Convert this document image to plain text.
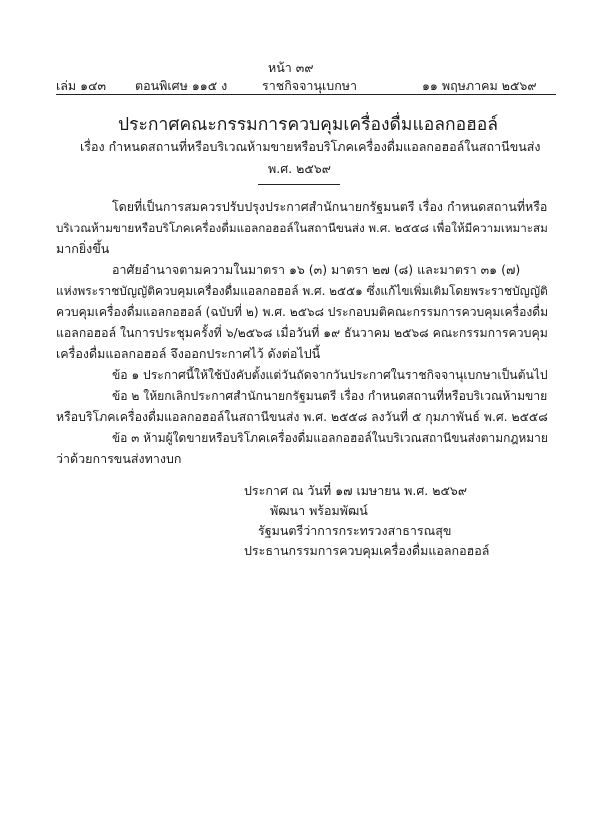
หน้า ๓๙
เล่ม ๑๔๓ ตอนพิเศษ ๑๑๕ ง	ราชกิจจานุเบกษา	๑๑ พฤษภาคม ๒๕๖๙
ประกาศคณะกรรมการควบคุมเครื่องดื่มแอลกอฮอล์
เรื่อง กำหนดสถานที่หรือบริเวณห้ามขายหรือบริโภคเครื่องดื่มแอลกอฮอล์ในสถานีขนส่ง
พ.ศ. ๒๕๖๙
โดยที่เป็นการสมควรปรับปรุงประกาศสำนักนายกรัฐมนตรี เรื่อง กำหนดสถานที่หรือ
บริเวณห้ามขายหรือบริโภคเครื่องดื่มแอลกอฮอล์ในสถานีขนส่ง พ.ศ. ๒๕๕๘ เพื่อให้มีความเหมาะสม
มากยิ่งขึ้น
อาศัยอำนาจตามความในมาตรา ๑๖ (๓) มาตรา ๒๗ (๘) และมาตรา ๓๑ (๗)
แห่งพระราชบัญญัติควบคุมเครื่องดื่มแอลกอฮอล์ พ.ศ. ๒๕๕๑ ซึ่งแก้ไขเพิ่มเติมโดยพระราชบัญญัติ
ควบคุมเครื่องดื่มแอลกอฮอล์ (ฉบับที่ ๒) พ.ศ. ๒๕๖๘ ประกอบมติคณะกรรมการควบคุมเครื่องดื่ม
แอลกอฮอล์ ในการประชุมครั้งที่ ๖/๒๕๖๘ เมื่อวันที่ ๑๙ ธันวาคม ๒๕๖๘ คณะกรรมการควบคุม
เครื่องดื่มแอลกอฮอล์ จึงออกประกาศไว้ ดังต่อไปนี้
ข้อ ๑ ประกาศนี้ให้ใช้บังคับตั้งแต่วันถัดจากวันประกาศในราชกิจจานุเบกษาเป็นต้นไป
ข้อ ๒ ให้ยกเลิกประกาศสำนักนายกรัฐมนตรี เรื่อง กำหนดสถานที่หรือบริเวณห้ามขาย
หรือบริโภคเครื่องดื่มแอลกอฮอล์ในสถานีขนส่ง พ.ศ. ๒๕๕๘ ลงวันที่ ๕ กุมภาพันธ์ พ.ศ. ๒๕๕๘
ข้อ ๓ ห้ามผู้ใดขายหรือบริโภคเครื่องดื่มแอลกอฮอล์ในบริเวณสถานีขนส่งตามกฎหมาย
ว่าด้วยการขนส่งทางบก
ประกาศ ณ วันที่ ๑๗ เมษายน พ.ศ. ๒๕๖๙
พัฒนา พร้อมพัฒน์
รัฐมนตรีว่าการกระทรวงสาธารณสุข
ประธานกรรมการควบคุมเครื่องดื่มแอลกอฮอล์
